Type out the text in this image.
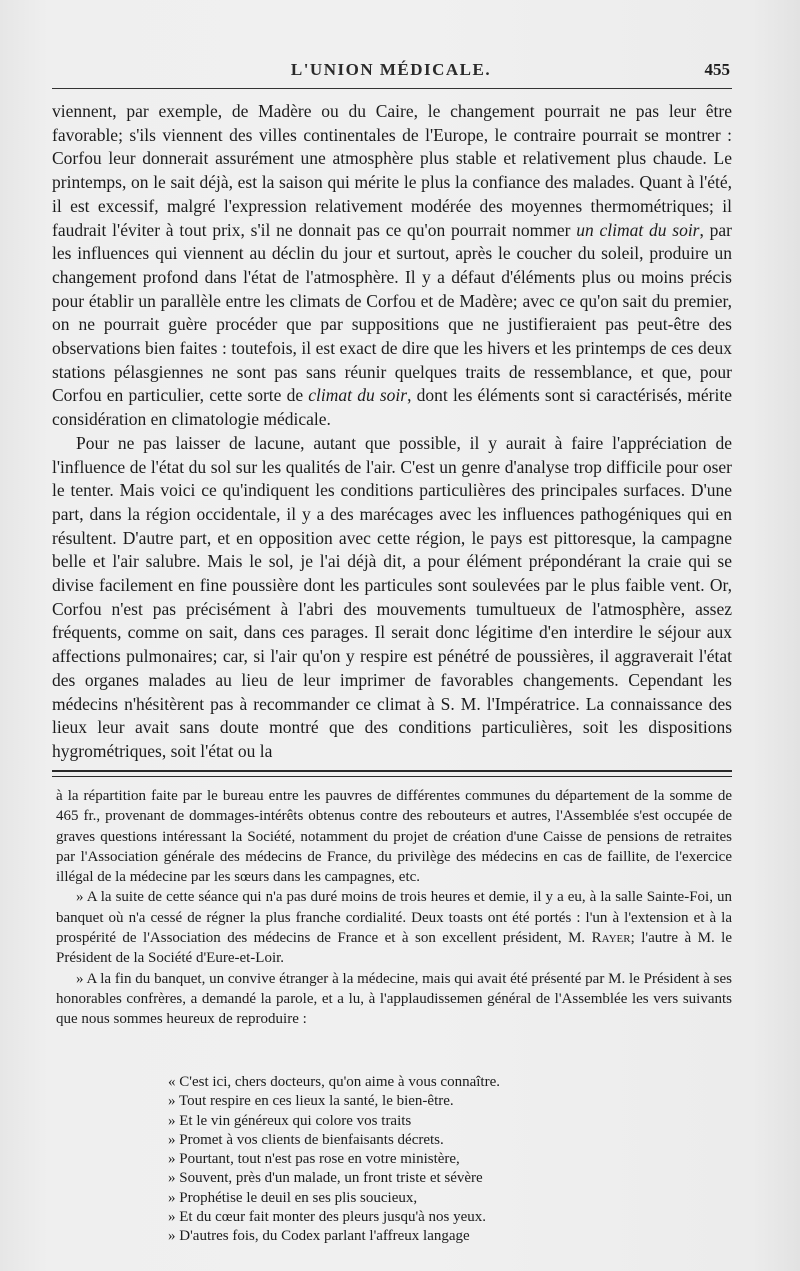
L'UNION MÉDICALE.	455

viennent, par exemple, de Madère ou du Caire, le changement pourrait ne pas leur être favorable; s'ils viennent des villes continentales de l'Europe, le contraire pourrait se montrer : Corfou leur donnerait assurément une atmosphère plus stable et relativement plus chaude. Le printemps, on le sait déjà, est la saison qui mérite le plus la confiance des malades. Quant à l'été, il est excessif, malgré l'expression relativement modérée des moyennes thermométriques; il faudrait l'éviter à tout prix, s'il ne donnait pas ce qu'on pourrait nommer un climat du soir, par les influences qui viennent au déclin du jour et surtout, après le coucher du soleil, produire un changement profond dans l'état de l'atmosphère. Il y a défaut d'éléments plus ou moins précis pour établir un parallèle entre les climats de Corfou et de Madère; avec ce qu'on sait du premier, on ne pourrait guère procéder que par suppositions que ne justifieraient pas peut-être des observations bien faites : toutefois, il est exact de dire que les hivers et les printemps de ces deux stations pélasgiennes ne sont pas sans réunir quelques traits de ressemblance, et que, pour Corfou en particulier, cette sorte de climat du soir, dont les éléments sont si caractérisés, mérite considération en climatologie médicale.

Pour ne pas laisser de lacune, autant que possible, il y aurait à faire l'appréciation de l'influence de l'état du sol sur les qualités de l'air. C'est un genre d'analyse trop difficile pour oser le tenter. Mais voici ce qu'indiquent les conditions particulières des principales surfaces. D'une part, dans la région occidentale, il y a des marécages avec les influences pathogéniques qui en résultent. D'autre part, et en opposition avec cette région, le pays est pittoresque, la campagne belle et l'air salubre. Mais le sol, je l'ai déjà dit, a pour élément prépondérant la craie qui se divise facilement en fine poussière dont les particules sont soulevées par le plus faible vent. Or, Corfou n'est pas précisément à l'abri des mouvements tumultueux de l'atmosphère, assez fréquents, comme on sait, dans ces parages. Il serait donc légitime d'en interdire le séjour aux affections pulmonaires; car, si l'air qu'on y respire est pénétré de poussières, il aggraverait l'état des organes malades au lieu de leur imprimer de favorables changements. Cependant les médecins n'hésitèrent pas à recommander ce climat à S. M. l'Impératrice. La connaissance des lieux leur avait sans doute montré que des conditions particulières, soit les dispositions hygrométriques, soit l'état ou la

à la répartition faite par le bureau entre les pauvres de différentes communes du département de la somme de 465 fr., provenant de dommages-intérêts obtenus contre des rebouteurs et autres, l'Assemblée s'est occupée de graves questions intéressant la Société, notamment du projet de création d'une Caisse de pensions de retraites par l'Association générale des médecins de France, du privilège des médecins en cas de faillite, de l'exercice illégal de la médecine par les sœurs dans les campagnes, etc.

» A la suite de cette séance qui n'a pas duré moins de trois heures et demie, il y a eu, à la salle Sainte-Foi, un banquet où n'a cessé de régner la plus franche cordialité. Deux toasts ont été portés : l'un à l'extension et à la prospérité de l'Association des médecins de France et à son excellent président, M. Rayer; l'autre à M. le Président de la Société d'Eure-et-Loir.

» A la fin du banquet, un convive étranger à la médecine, mais qui avait été présenté par M. le Président à ses honorables confrères, a demandé la parole, et a lu, à l'applaudissemen général de l'Assemblée les vers suivants que nous sommes heureux de reproduire :

« C'est ici, chers docteurs, qu'on aime à vous connaître.
» Tout respire en ces lieux la santé, le bien-être.
» Et le vin généreux qui colore vos traits
» Promet à vos clients de bienfaisants décrets.
» Pourtant, tout n'est pas rose en votre ministère,
» Souvent, près d'un malade, un front triste et sévère
» Prophétise le deuil en ses plis soucieux,
» Et du cœur fait monter des pleurs jusqu'à nos yeux.
» D'autres fois, du Codex parlant l'affreux langage
